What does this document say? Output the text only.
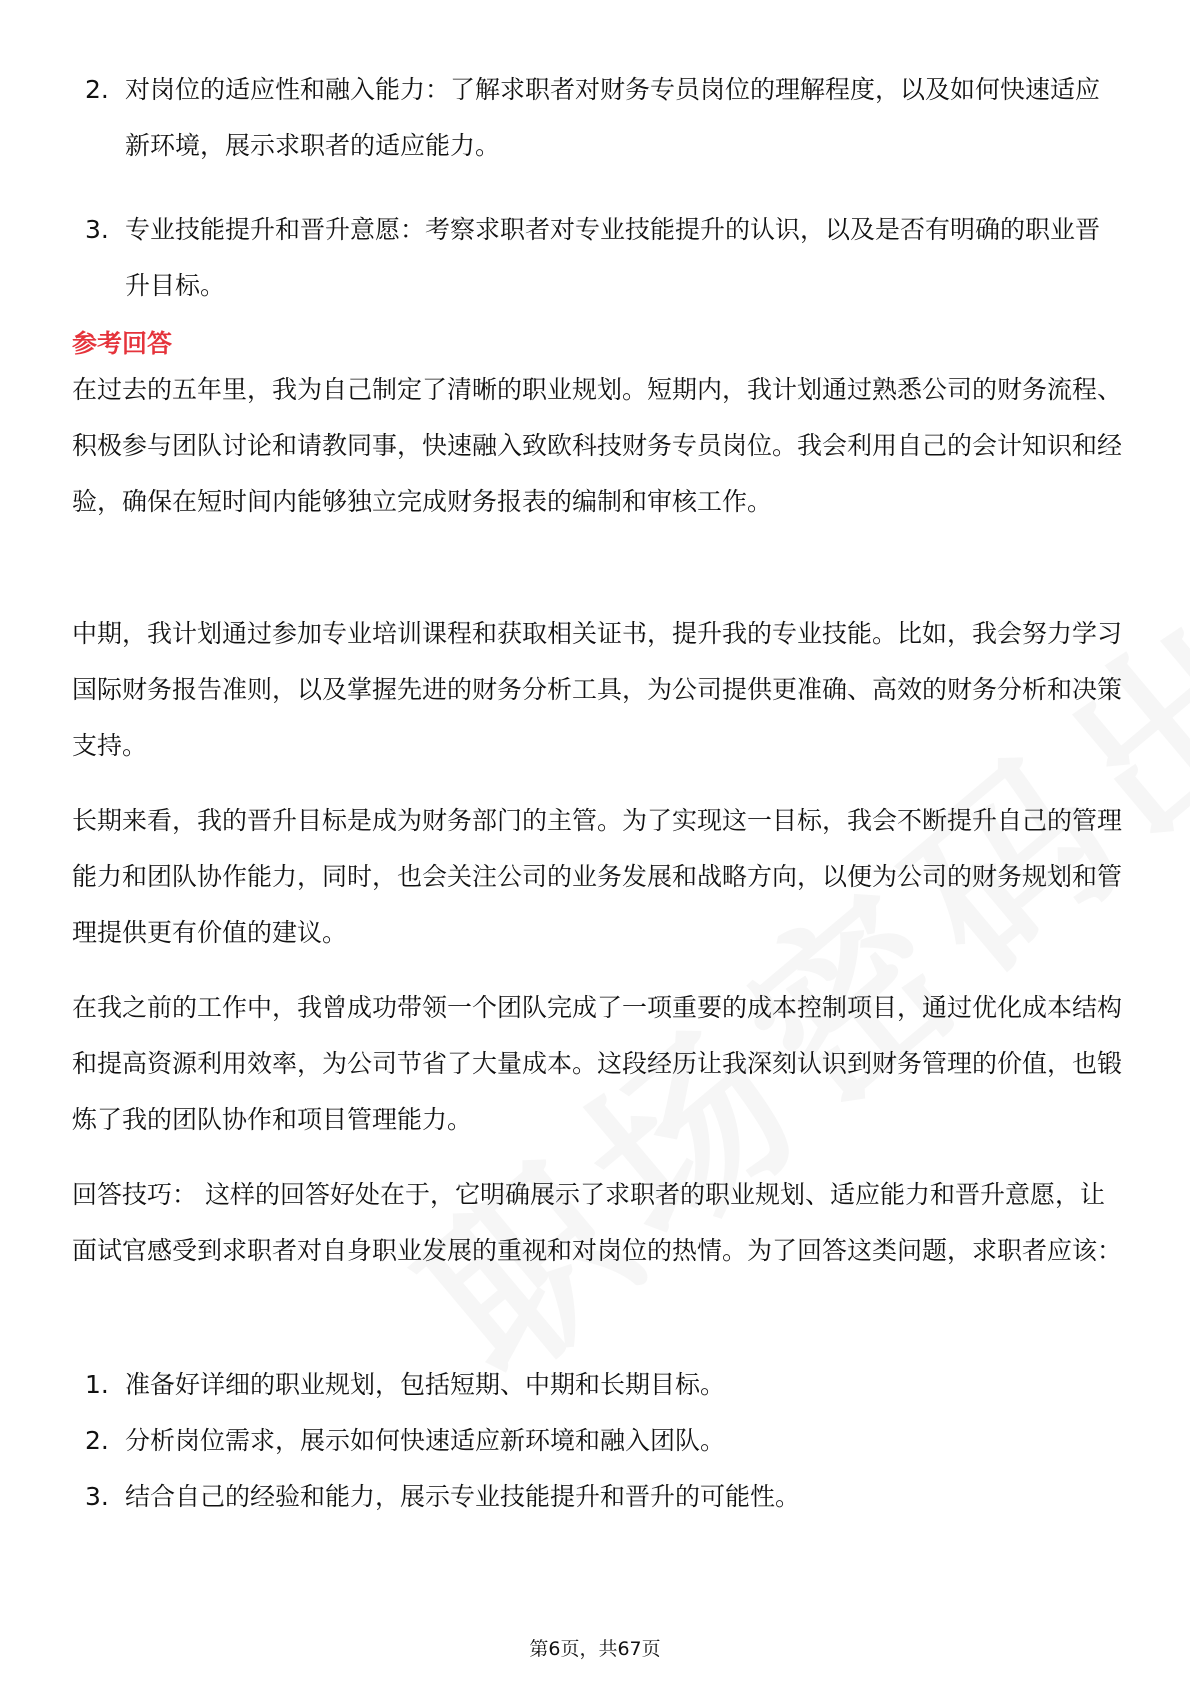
2. 对岗位的适应性和融入能力：了解求职者对财务专员岗位的理解程度，以及如何快速适应新环境，展示求职者的适应能力。
3. 专业技能提升和晋升意愿：考察求职者对专业技能提升的认识，以及是否有明确的职业晋升目标。
参考回答

在过去的五年里，我为自己制定了清晰的职业规划。短期内，我计划通过熟悉公司的财务流程、积极参与团队讨论和请教同事，快速融入致欧科技财务专员岗位。我会利用自己的会计知识和经验，确保在短时间内能够独立完成财务报表的编制和审核工作。

中期，我计划通过参加专业培训课程和获取相关证书，提升我的专业技能。比如，我会努力学习国际财务报告准则，以及掌握先进的财务分析工具，为公司提供更准确、高效的财务分析和决策支持。

长期来看，我的晋升目标是成为财务部门的主管。为了实现这一目标，我会不断提升自己的管理能力和团队协作能力，同时，也会关注公司的业务发展和战略方向，以便为公司的财务规划和管理提供更有价值的建议。

在我之前的工作中，我曾成功带领一个团队完成了一项重要的成本控制项目，通过优化成本结构和提高资源利用效率，为公司节省了大量成本。这段经历让我深刻认识到财务管理的价值，也锻炼了我的团队协作和项目管理能力。

回答技巧： 这样的回答好处在于，它明确展示了求职者的职业规划、适应能力和晋升意愿，让面试官感受到求职者对自身职业发展的重视和对岗位的热情。为了回答这类问题，求职者应该：

1. 准备好详细的职业规划，包括短期、中期和长期目标。
2. 分析岗位需求，展示如何快速适应新环境和融入团队。
3. 结合自己的经验和能力，展示专业技能提升和晋升的可能性。
第6页，共67页
